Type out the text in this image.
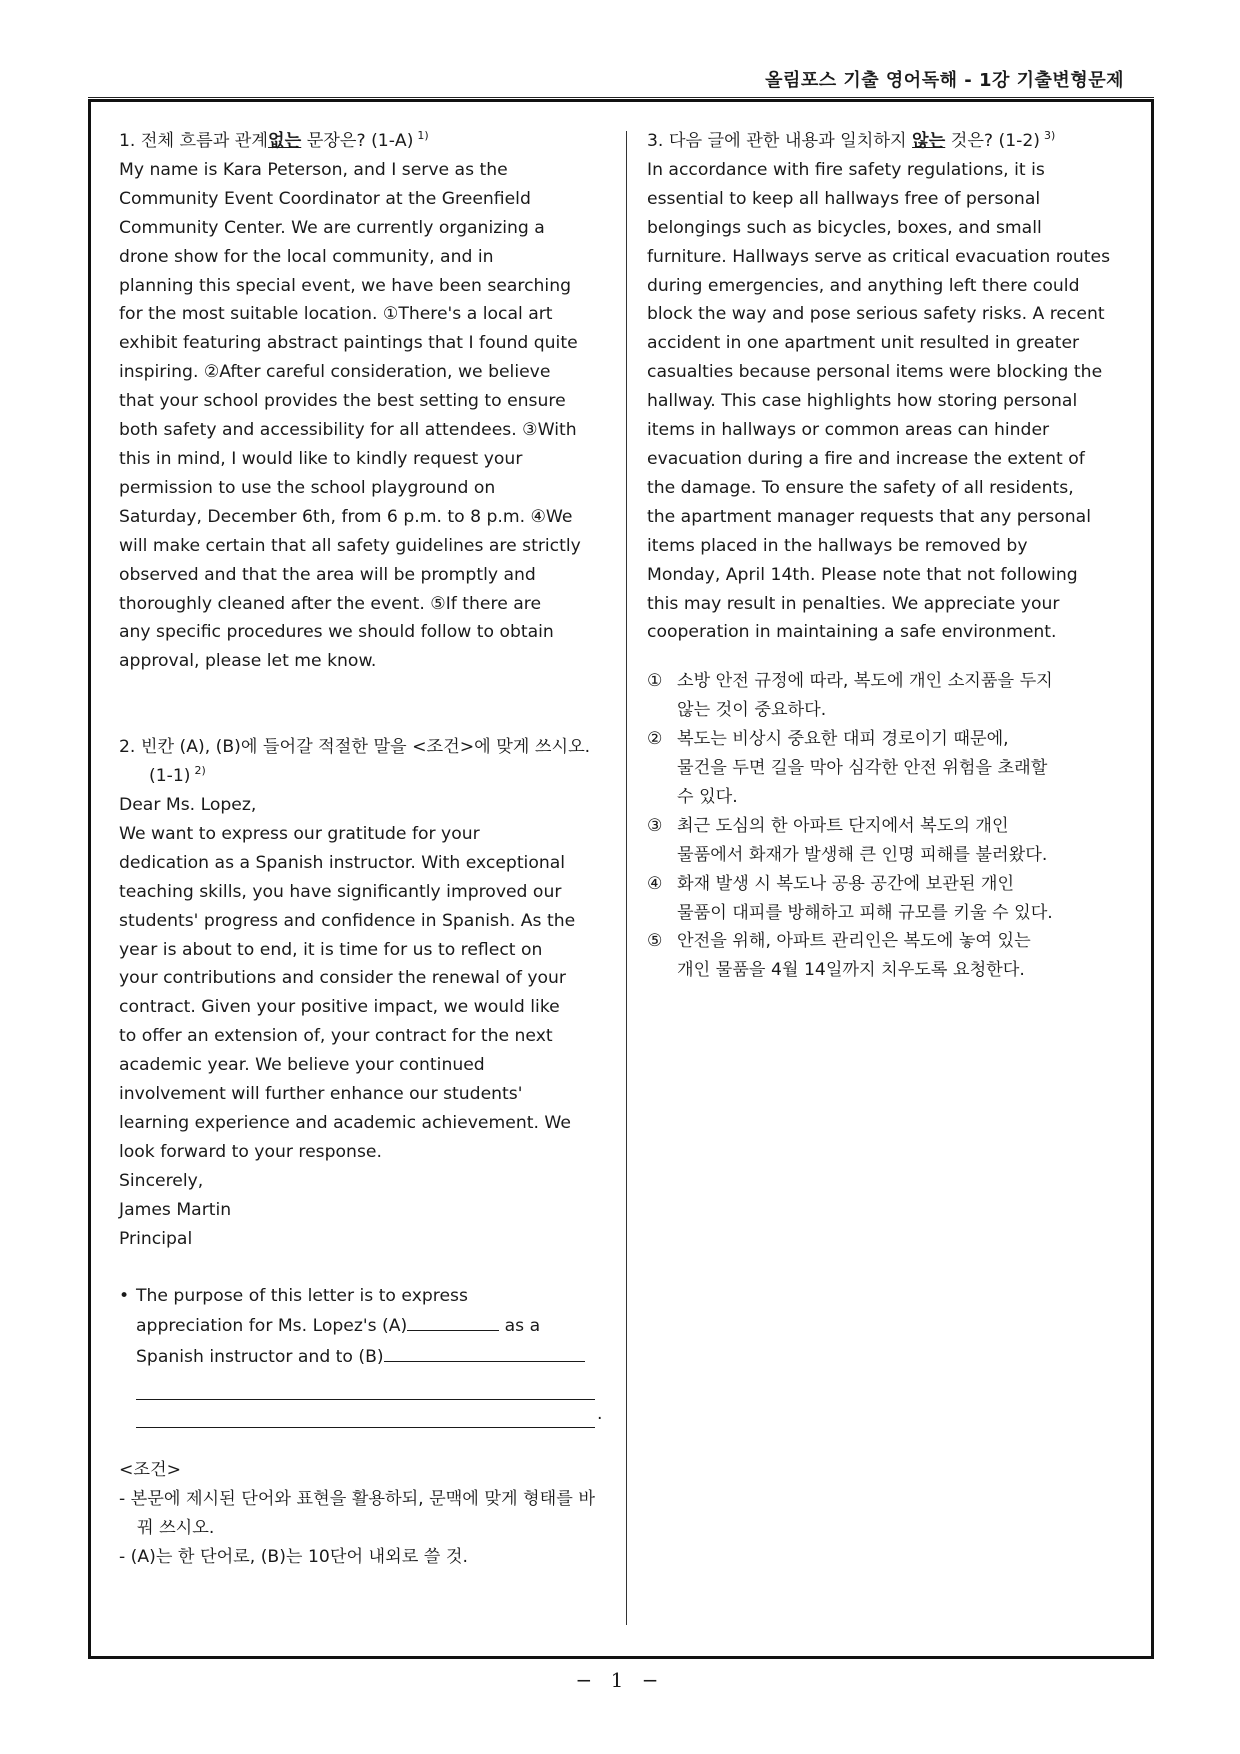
올림포스 기출 영어독해 - 1강 기출변형문제
1. 전체 흐름과 관계없는 문장은? (1-A) $^{1)}$
My name is Kara Peterson, and I serve as the
Community Event Coordinator at the Greenfield
Community Center. We are currently organizing a
drone show for the local community, and in
planning this special event, we have been searching
for the most suitable location. ①There's a local art
exhibit featuring abstract paintings that I found quite
inspiring. ②After careful consideration, we believe
that your school provides the best setting to ensure
both safety and accessibility for all attendees. ③With
this in mind, I would like to kindly request your
permission to use the school playground on
Saturday, December 6th, from 6 p.m. to 8 p.m. ④We
will make certain that all safety guidelines are strictly
observed and that the area will be promptly and
thoroughly cleaned after the event. ⑤If there are
any specific procedures we should follow to obtain
approval, please let me know.
2. 빈칸 (A), (B)에 들어갈 적절한 말을 <조건>에 맞게 쓰시오. (1-1) $^{2)}$
Dear Ms. Lopez,
We want to express our gratitude for your
dedication as a Spanish instructor. With exceptional
teaching skills, you have significantly improved our
students' progress and confidence in Spanish. As the
year is about to end, it is time for us to reflect on
your contributions and consider the renewal of your
contract. Given your positive impact, we would like
to offer an extension of, your contract for the next
academic year. We believe your continued
involvement will further enhance our students'
learning experience and academic achievement. We
look forward to your response.
Sincerely,
James Martin
Principal
• The purpose of this letter is to express
appreciation for Ms. Lopez's (A)	as a
Spanish instructor and to (B)
.
<조건>
- 본문에 제시된 단어와 표현을 활용하되, 문맥에 맞게 형태를 바꿔 쓰시오.
- (A)는 한 단어로, (B)는 10단어 내외로 쓸 것.
3. 다음 글에 관한 내용과 일치하지 않는 것은? (1-2) $^{3)}$
In accordance with fire safety regulations, it is
essential to keep all hallways free of personal
belongings such as bicycles, boxes, and small
furniture. Hallways serve as critical evacuation routes
during emergencies, and anything left there could
block the way and pose serious safety risks. A recent
accident in one apartment unit resulted in greater
casualties because personal items were blocking the
hallway. This case highlights how storing personal
items in hallways or common areas can hinder
evacuation during a fire and increase the extent of
the damage. To ensure the safety of all residents,
the apartment manager requests that any personal
items placed in the hallways be removed by
Monday, April 14th. Please note that not following
this may result in penalties. We appreciate your
cooperation in maintaining a safe environment.
① 소방 안전 규정에 따라, 복도에 개인 소지품을 두지
않는 것이 중요하다.
② 복도는 비상시 중요한 대피 경로이기 때문에,
물건을 두면 길을 막아 심각한 안전 위험을 초래할
수 있다.
③ 최근 도심의 한 아파트 단지에서 복도의 개인
물품에서 화재가 발생해 큰 인명 피해를 불러왔다.
④ 화재 발생 시 복도나 공용 공간에 보관된 개인
물품이 대피를 방해하고 피해 규모를 키울 수 있다.
⑤ 안전을 위해, 아파트 관리인은 복도에 놓여 있는
개인 물품을 4월 14일까지 치우도록 요청한다.
− 1 −
